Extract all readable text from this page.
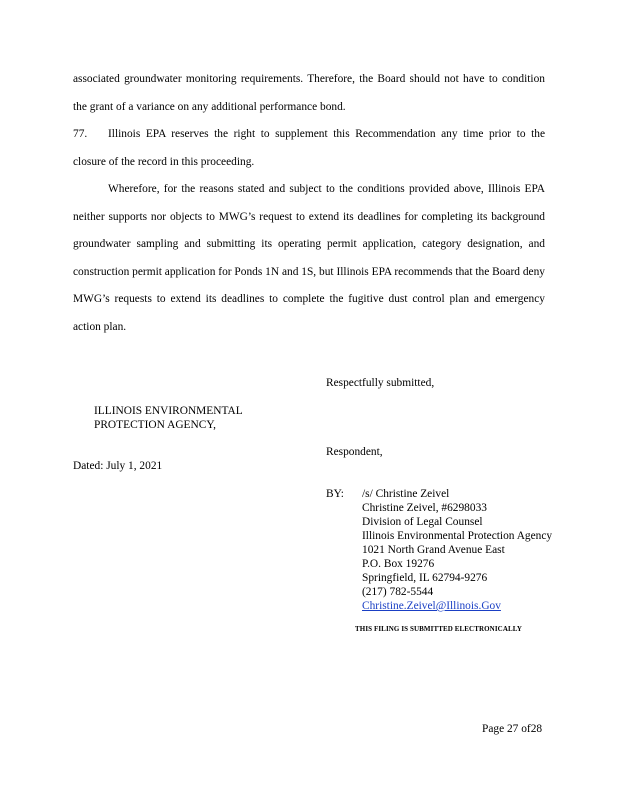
associated groundwater monitoring requirements. Therefore, the Board should not have to condition the grant of a variance on any additional performance bond.
77. Illinois EPA reserves the right to supplement this Recommendation any time prior to the closure of the record in this proceeding.
Wherefore, for the reasons stated and subject to the conditions provided above, Illinois EPA neither supports nor objects to MWG’s request to extend its deadlines for completing its background groundwater sampling and submitting its operating permit application, category designation, and construction permit application for Ponds 1N and 1S, but Illinois EPA recommends that the Board deny MWG’s requests to extend its deadlines to complete the fugitive dust control plan and emergency action plan.
Respectfully submitted,
ILLINOIS ENVIRONMENTAL
PROTECTION AGENCY,
Respondent,
Dated: July 1, 2021
BY: /s/ Christine Zeivel
Christine Zeivel, #6298033
Division of Legal Counsel
Illinois Environmental Protection Agency
1021 North Grand Avenue East
P.O. Box 19276
Springfield, IL 62794-9276
(217) 782-5544
Christine.Zeivel@Illinois.Gov
THIS FILING IS SUBMITTED ELECTRONICALLY
Page 27 of28
